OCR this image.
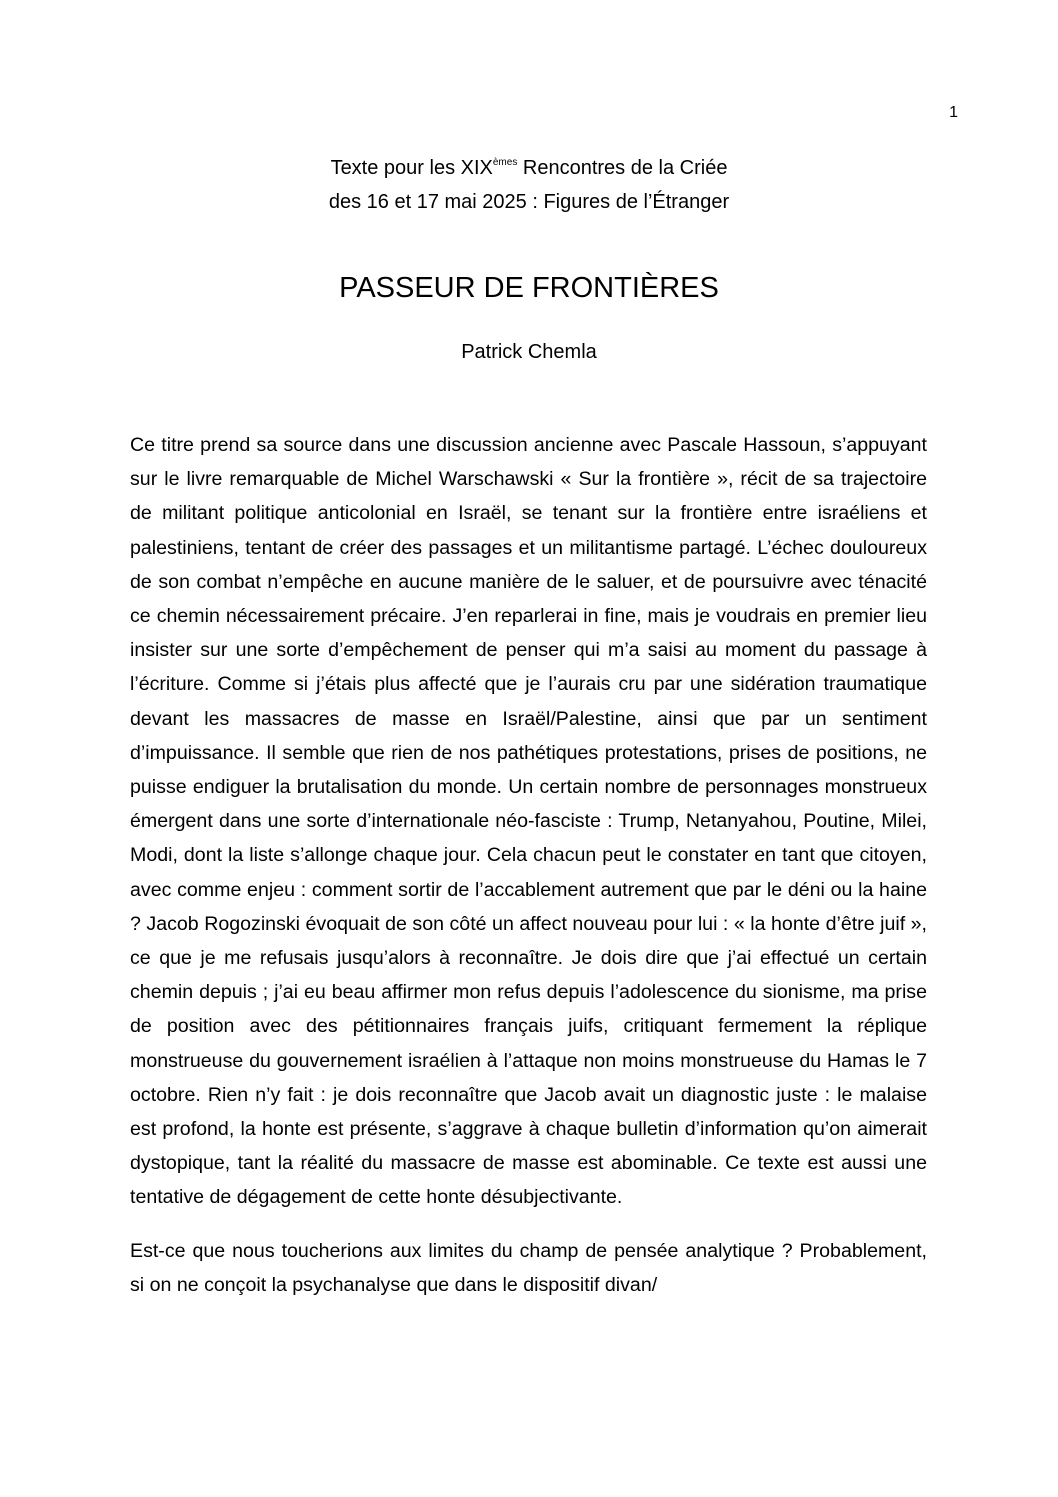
1
Texte pour les XIXèmes Rencontres de la Criée
des 16 et 17 mai 2025 : Figures de l’Étranger
PASSEUR DE FRONTIÈRES
Patrick Chemla

Ce titre prend sa source dans une discussion ancienne avec Pascale Hassoun, s’appuyant sur le livre remarquable de Michel Warschawski « Sur la frontière », récit de sa trajectoire de militant politique anticolonial en Israël, se tenant sur la frontière entre israéliens et palestiniens, tentant de créer des passages et un militantisme partagé. L’échec douloureux de son combat n’empêche en aucune manière de le saluer, et de poursuivre avec ténacité ce chemin nécessairement précaire. J’en reparlerai in fine, mais je voudrais en premier lieu insister sur une sorte d’empêchement de penser qui m’a saisi au moment du passage à l’écriture. Comme si j’étais plus affecté que je l’aurais cru par une sidération traumatique devant les massacres de masse en Israël/Palestine, ainsi que par un sentiment d’impuissance. Il semble que rien de nos pathétiques protestations, prises de positions, ne puisse endiguer la brutalisation du monde. Un certain nombre de personnages monstrueux émergent dans une sorte d’internationale néo-fasciste : Trump, Netanyahou, Poutine, Milei, Modi, dont la liste s’allonge chaque jour. Cela chacun peut le constater en tant que citoyen, avec comme enjeu : comment sortir de l’accablement autrement que par le déni ou la haine ? Jacob Rogozinski évoquait de son côté un affect nouveau pour lui : « la honte d’être juif », ce que je me refusais jusqu’alors à reconnaître. Je dois dire que j’ai effectué un certain chemin depuis ; j’ai eu beau affirmer mon refus depuis l’adolescence du sionisme, ma prise de position avec des pétitionnaires français juifs, critiquant fermement la réplique monstrueuse du gouvernement israélien à l’attaque non moins monstrueuse du Hamas le 7 octobre. Rien n’y fait : je dois reconnaître que Jacob avait un diagnostic juste : le malaise est profond, la honte est présente, s’aggrave à chaque bulletin d’information qu’on aimerait dystopique, tant la réalité du massacre de masse est abominable. Ce texte est aussi une tentative de dégagement de cette honte désubjectivante.

Est-ce que nous toucherions aux limites du champ de pensée analytique ? Probablement, si on ne conçoit la psychanalyse que dans le dispositif divan/
